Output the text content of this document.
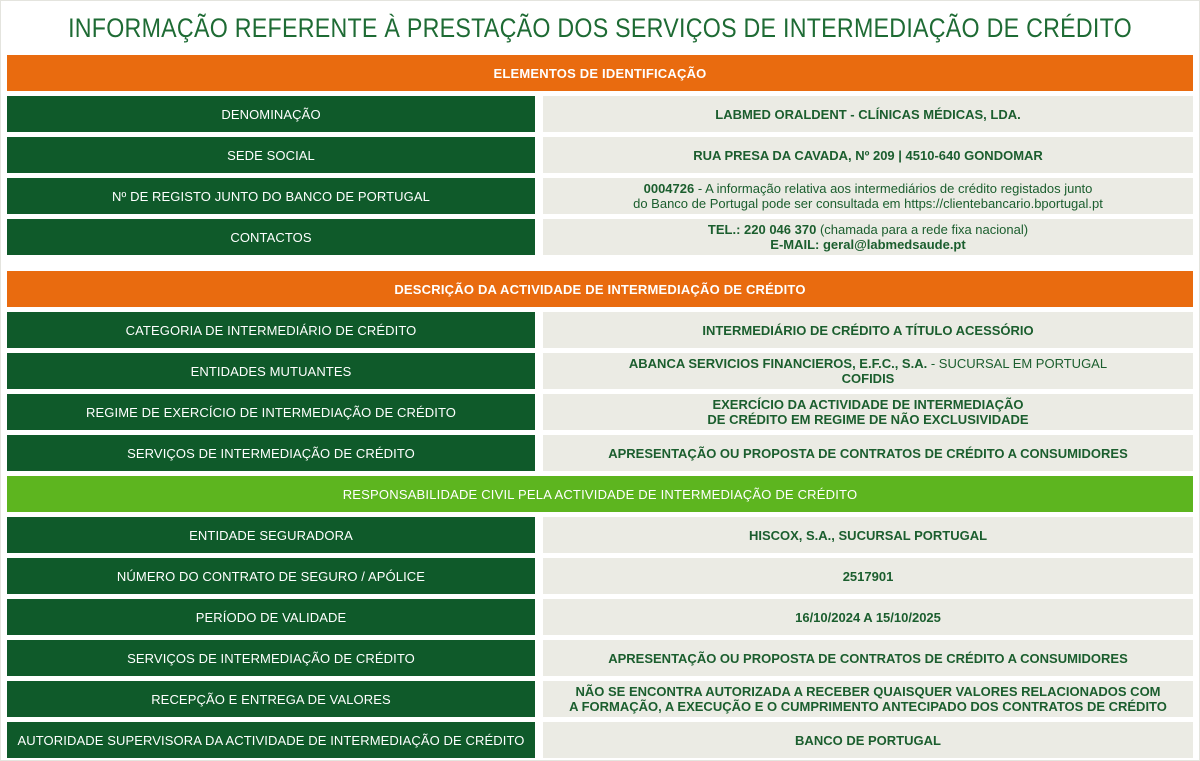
INFORMAÇÃO REFERENTE À PRESTAÇÃO DOS SERVIÇOS DE INTERMEDIAÇÃO DE CRÉDITO
ELEMENTOS DE IDENTIFICAÇÃO
DENOMINAÇÃO	LABMED ORALDENT - CLÍNICAS MÉDICAS, LDA.
SEDE SOCIAL	RUA PRESA DA CAVADA, Nº 209 | 4510-640 GONDOMAR
Nº DE REGISTO JUNTO DO BANCO DE PORTUGAL	0004726 - A informação relativa aos intermediários de crédito registados junto
do Banco de Portugal pode ser consultada em https://clientebancario.bportugal.pt
CONTACTOS	TEL.: 220 046 370 (chamada para a rede fixa nacional)
E-MAIL: geral@labmedsaude.pt
DESCRIÇÃO DA ACTIVIDADE DE INTERMEDIAÇÃO DE CRÉDITO
CATEGORIA DE INTERMEDIÁRIO DE CRÉDITO	INTERMEDIÁRIO DE CRÉDITO A TÍTULO ACESSÓRIO
ENTIDADES MUTUANTES	ABANCA SERVICIOS FINANCIEROS, E.F.C., S.A. - SUCURSAL EM PORTUGAL
COFIDIS
REGIME DE EXERCÍCIO DE INTERMEDIAÇÃO DE CRÉDITO	EXERCÍCIO DA ACTIVIDADE DE INTERMEDIAÇÃO
DE CRÉDITO EM REGIME DE NÃO EXCLUSIVIDADE
SERVIÇOS DE INTERMEDIAÇÃO DE CRÉDITO	APRESENTAÇÃO OU PROPOSTA DE CONTRATOS DE CRÉDITO A CONSUMIDORES
RESPONSABILIDADE CIVIL PELA ACTIVIDADE DE INTERMEDIAÇÃO DE CRÉDITO
ENTIDADE SEGURADORA	HISCOX, S.A., SUCURSAL PORTUGAL
NÚMERO DO CONTRATO DE SEGURO / APÓLICE	2517901
PERÍODO DE VALIDADE	16/10/2024 A 15/10/2025
SERVIÇOS DE INTERMEDIAÇÃO DE CRÉDITO	APRESENTAÇÃO OU PROPOSTA DE CONTRATOS DE CRÉDITO A CONSUMIDORES
RECEPÇÃO E ENTREGA DE VALORES	NÃO SE ENCONTRA AUTORIZADA A RECEBER QUAISQUER VALORES RELACIONADOS COM
A FORMAÇÃO, A EXECUÇÃO E O CUMPRIMENTO ANTECIPADO DOS CONTRATOS DE CRÉDITO
AUTORIDADE SUPERVISORA DA ACTIVIDADE DE INTERMEDIAÇÃO DE CRÉDITO	BANCO DE PORTUGAL
